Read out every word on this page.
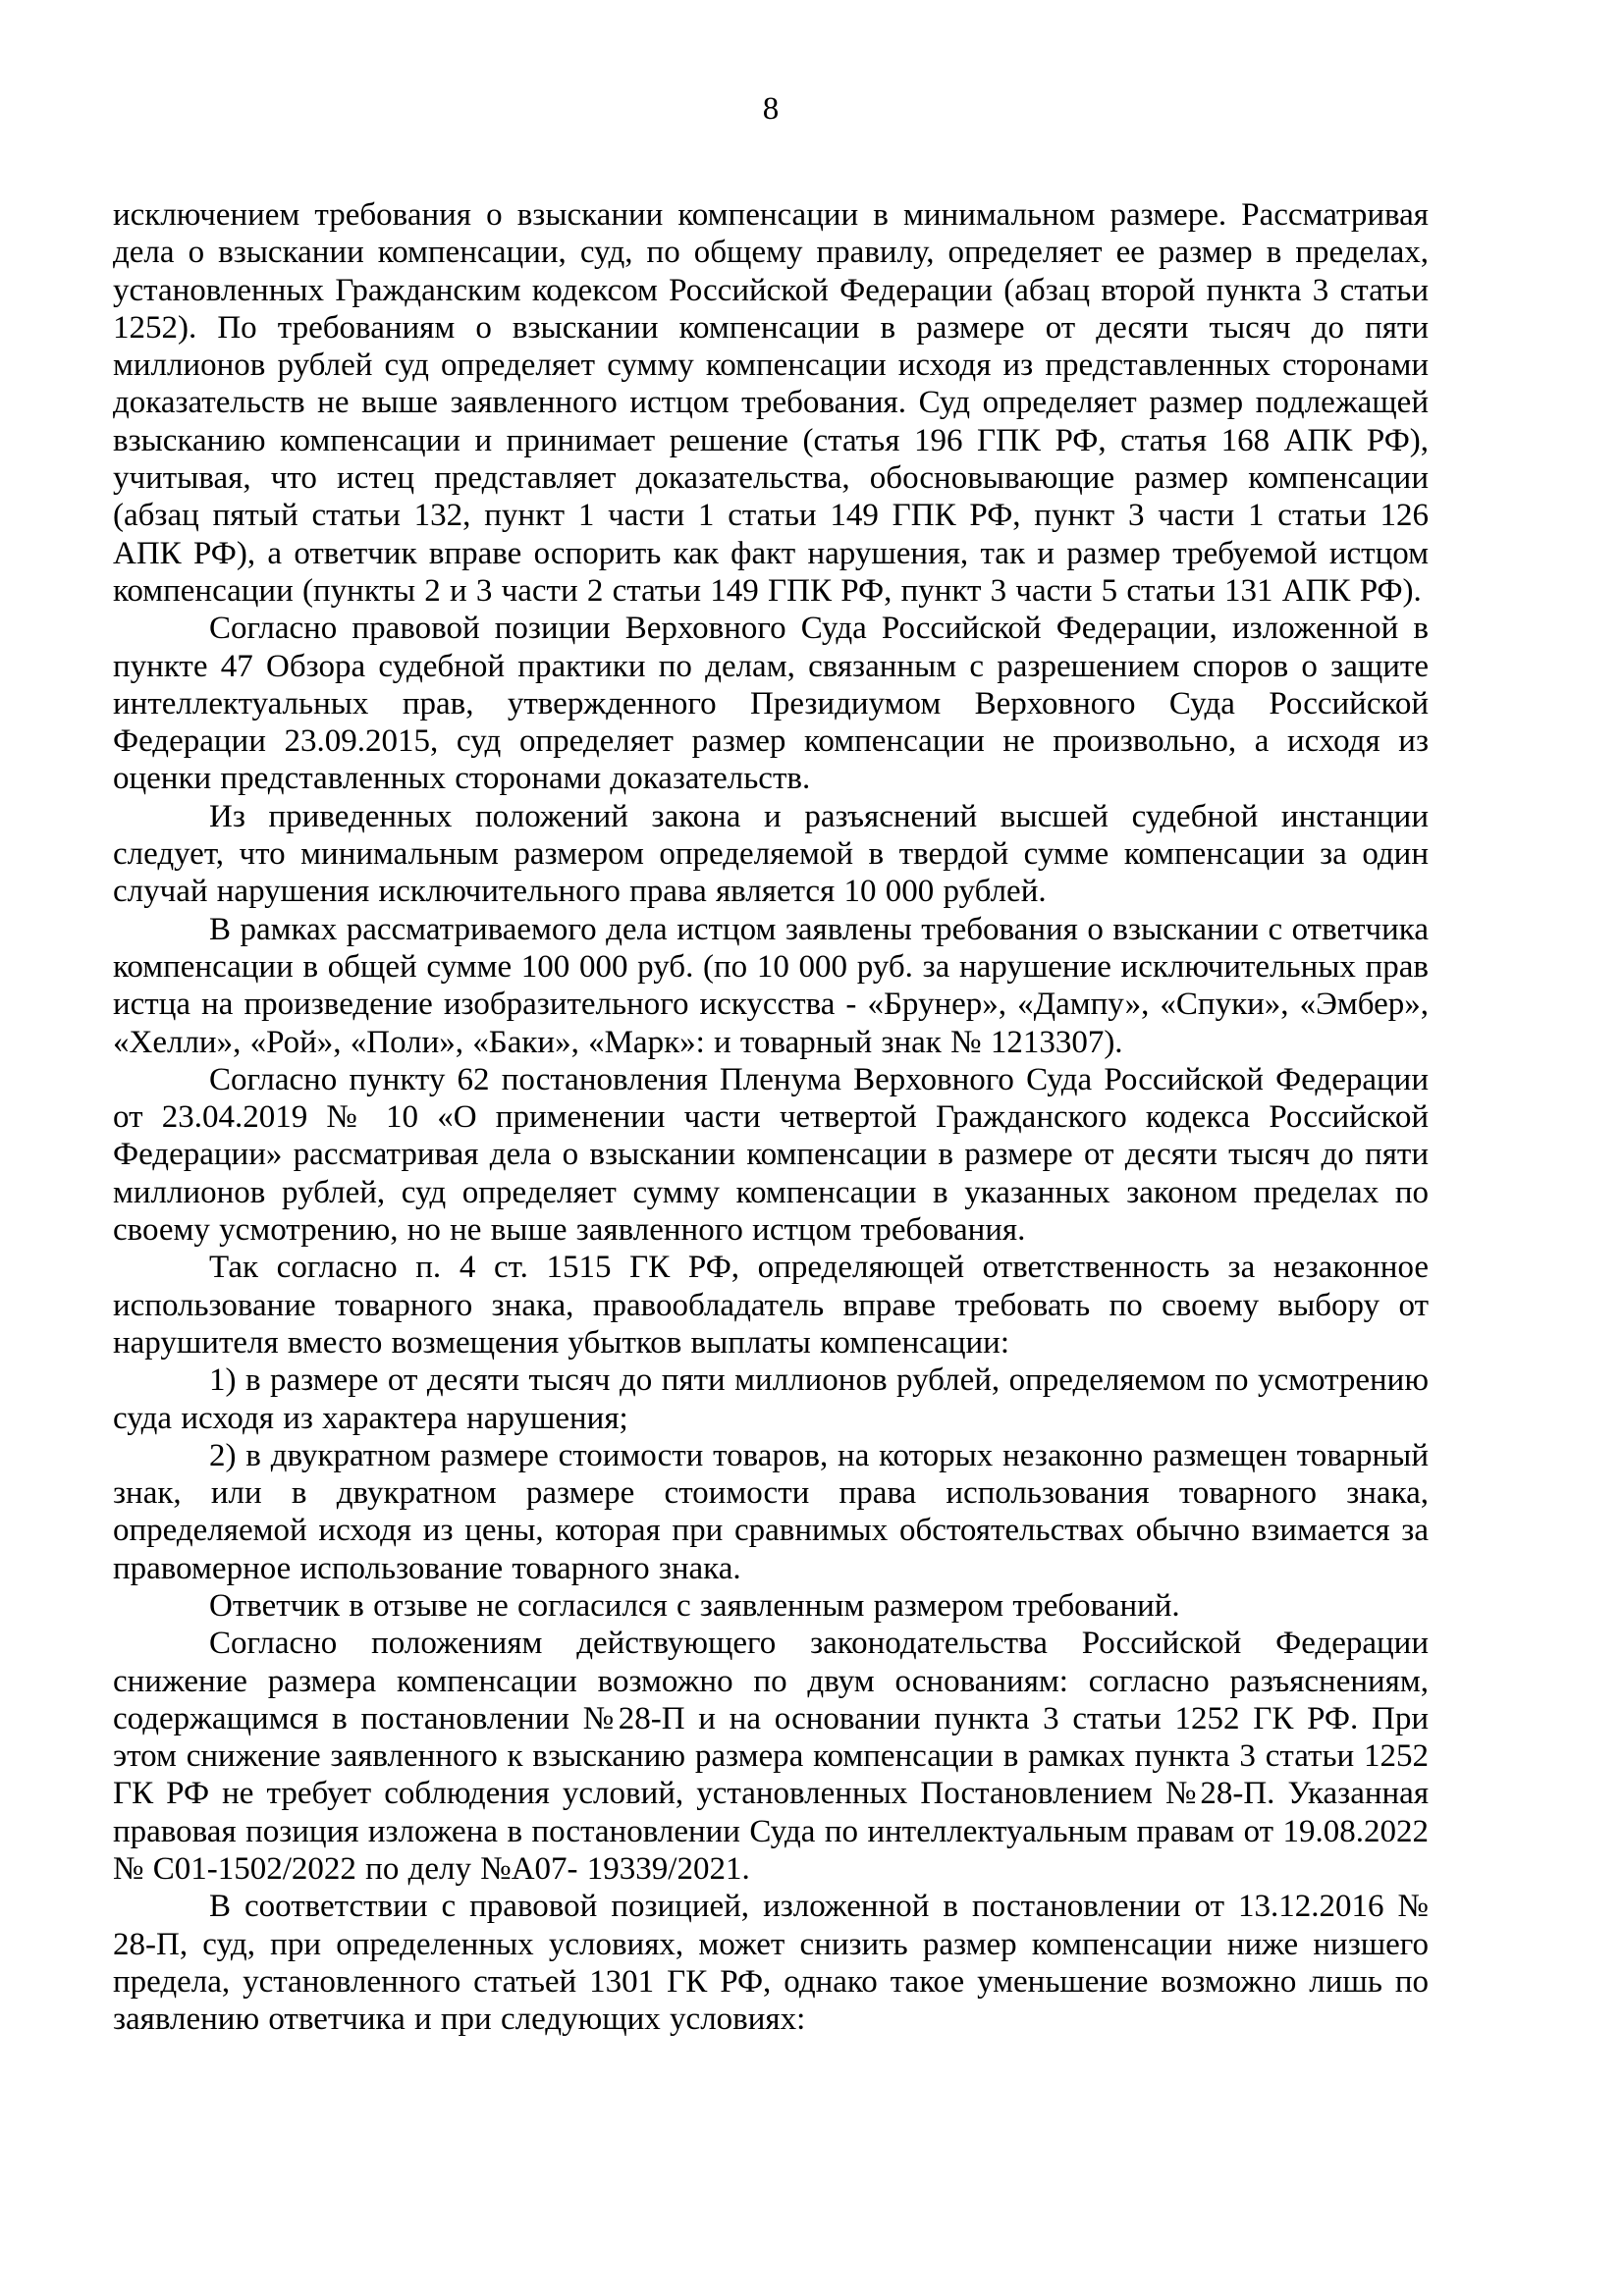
8

исключением требования о взыскании компенсации в минимальном размере. Рассматривая дела о взыскании компенсации, суд, по общему правилу, определяет ее размер в пределах, установленных Гражданским кодексом Российской Федерации (абзац второй пункта 3 статьи 1252). По требованиям о взыскании компенсации в размере от десяти тысяч до пяти миллионов рублей суд определяет сумму компенсации исходя из представленных сторонами доказательств не выше заявленного истцом требования. Суд определяет размер подлежащей взысканию компенсации и принимает решение (статья 196 ГПК РФ, статья 168 АПК РФ), учитывая, что истец представляет доказательства, обосновывающие размер компенсации (абзац пятый статьи 132, пункт 1 части 1 статьи 149 ГПК РФ, пункт 3 части 1 статьи 126 АПК РФ), а ответчик вправе оспорить как факт нарушения, так и размер требуемой истцом компенсации (пункты 2 и 3 части 2 статьи 149 ГПК РФ, пункт 3 части 5 статьи 131 АПК РФ).

Согласно правовой позиции Верховного Суда Российской Федерации, изложенной в пункте 47 Обзора судебной практики по делам, связанным с разрешением споров о защите интеллектуальных прав, утвержденного Президиумом Верховного Суда Российской Федерации 23.09.2015, суд определяет размер компенсации не произвольно, а исходя из оценки представленных сторонами доказательств.

Из приведенных положений закона и разъяснений высшей судебной инстанции следует, что минимальным размером определяемой в твердой сумме компенсации за один случай нарушения исключительного права является 10 000 рублей.

В рамках рассматриваемого дела истцом заявлены требования о взыскании с ответчика компенсации в общей сумме 100 000 руб. (по 10 000 руб. за нарушение исключительных прав истца на произведение изобразительного искусства - «Брунер», «Дампу», «Спуки», «Эмбер», «Хелли», «Рой», «Поли», «Баки», «Марк»: и товарный знак № 1213307).

Согласно пункту 62 постановления Пленума Верховного Суда Российской Федерации от 23.04.2019 № 10 «О применении части четвертой Гражданского кодекса Российской Федерации» рассматривая дела о взыскании компенсации в размере от десяти тысяч до пяти миллионов рублей, суд определяет сумму компенсации в указанных законом пределах по своему усмотрению, но не выше заявленного истцом требования.

Так согласно п. 4 ст. 1515 ГК РФ, определяющей ответственность за незаконное использование товарного знака, правообладатель вправе требовать по своему выбору от нарушителя вместо возмещения убытков выплаты компенсации:

1) в размере от десяти тысяч до пяти миллионов рублей, определяемом по усмотрению суда исходя из характера нарушения;

2) в двукратном размере стоимости товаров, на которых незаконно размещен товарный знак, или в двукратном размере стоимости права использования товарного знака, определяемой исходя из цены, которая при сравнимых обстоятельствах обычно взимается за правомерное использование товарного знака.

Ответчик в отзыве не согласился с заявленным размером требований.

Согласно положениям действующего законодательства Российской Федерации снижение размера компенсации возможно по двум основаниям: согласно разъяснениям, содержащимся в постановлении №28-П и на основании пункта 3 статьи 1252 ГК РФ. При этом снижение заявленного к взысканию размера компенсации в рамках пункта 3 статьи 1252 ГК РФ не требует соблюдения условий, установленных Постановлением №28-П. Указанная правовая позиция изложена в постановлении Суда по интеллектуальным правам от 19.08.2022 № С01-1502/2022 по делу №А07- 19339/2021.

В соответствии с правовой позицией, изложенной в постановлении от 13.12.2016 № 28-П, суд, при определенных условиях, может снизить размер компенсации ниже низшего предела, установленного статьей 1301 ГК РФ, однако такое уменьшение возможно лишь по заявлению ответчика и при следующих условиях:
